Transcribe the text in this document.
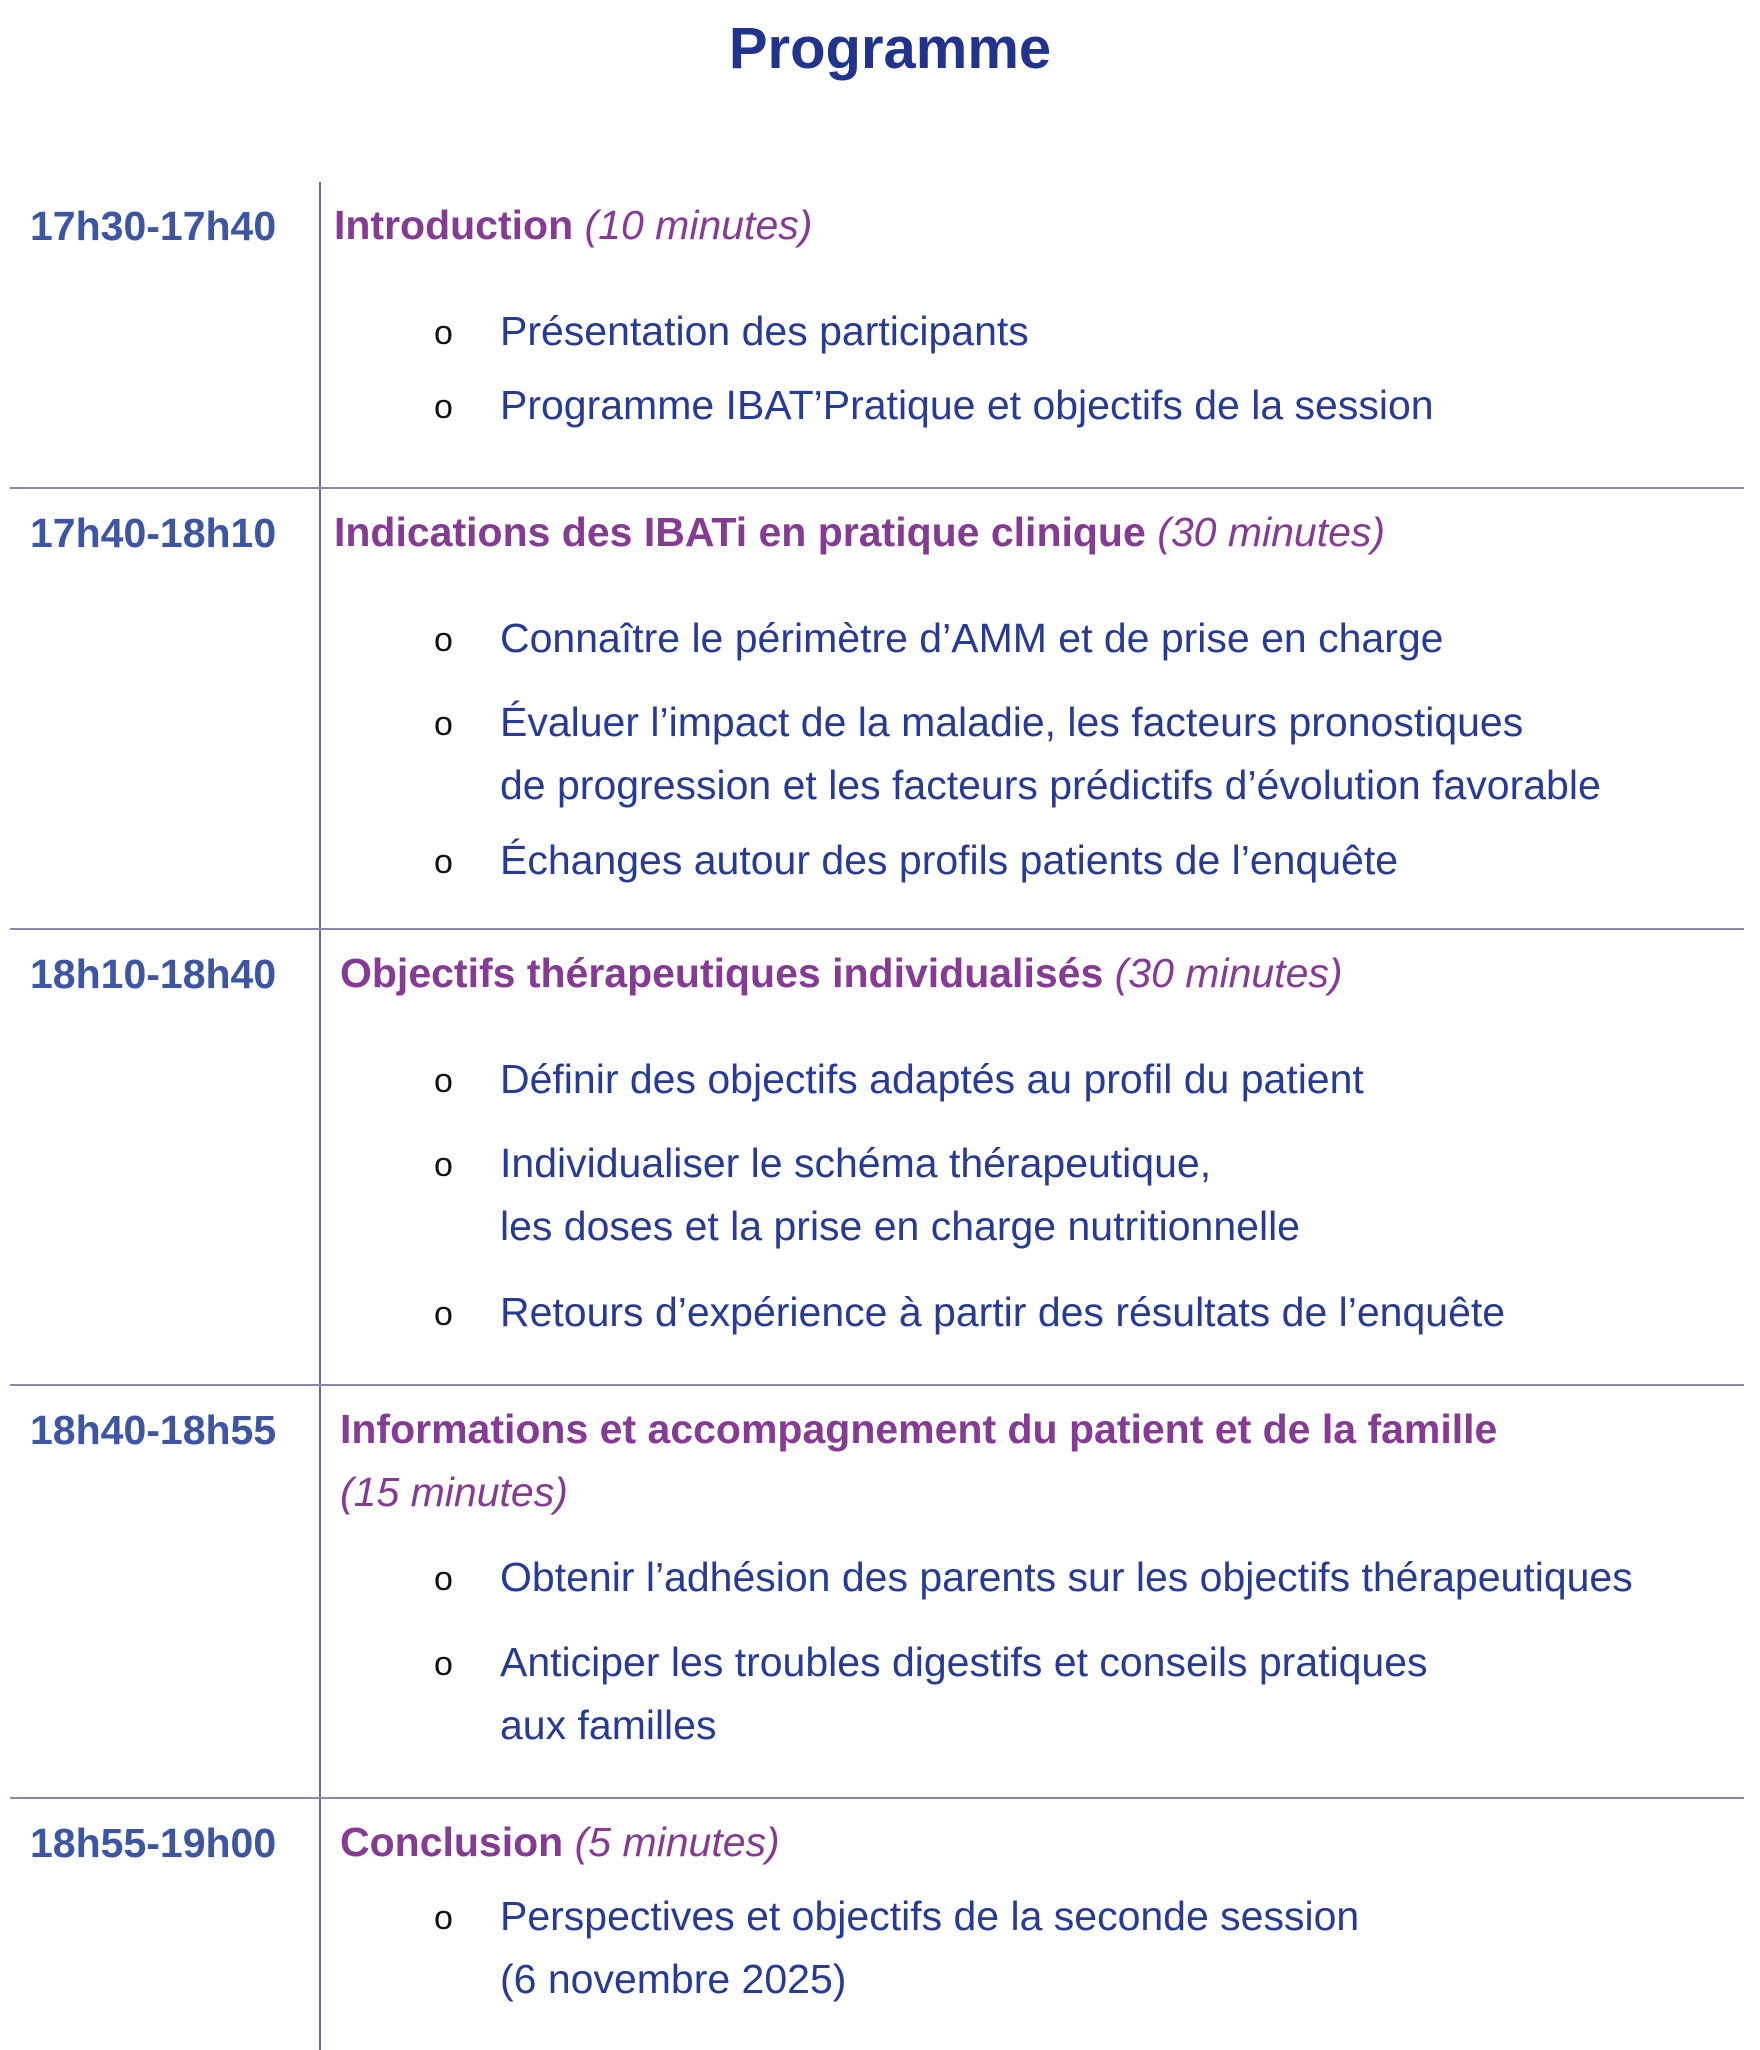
Programme
17h30-17h40 Introduction (10 minutes)
o Présentation des participants
o Programme IBAT’Pratique et objectifs de la session
17h40-18h10 Indications des IBATi en pratique clinique (30 minutes)
o Connaître le périmètre d’AMM et de prise en charge
o Évaluer l’impact de la maladie, les facteurs pronostiques
de progression et les facteurs prédictifs d’évolution favorable
o Échanges autour des profils patients de l’enquête
18h10-18h40 Objectifs thérapeutiques individualisés (30 minutes)
o Définir des objectifs adaptés au profil du patient
o Individualiser le schéma thérapeutique,
les doses et la prise en charge nutritionnelle
o Retours d’expérience à partir des résultats de l’enquête
18h40-18h55 Informations et accompagnement du patient et de la famille
(15 minutes)
o Obtenir l’adhésion des parents sur les objectifs thérapeutiques
o Anticiper les troubles digestifs et conseils pratiques
aux familles
18h55-19h00 Conclusion (5 minutes)
o Perspectives et objectifs de la seconde session
(6 novembre 2025)
